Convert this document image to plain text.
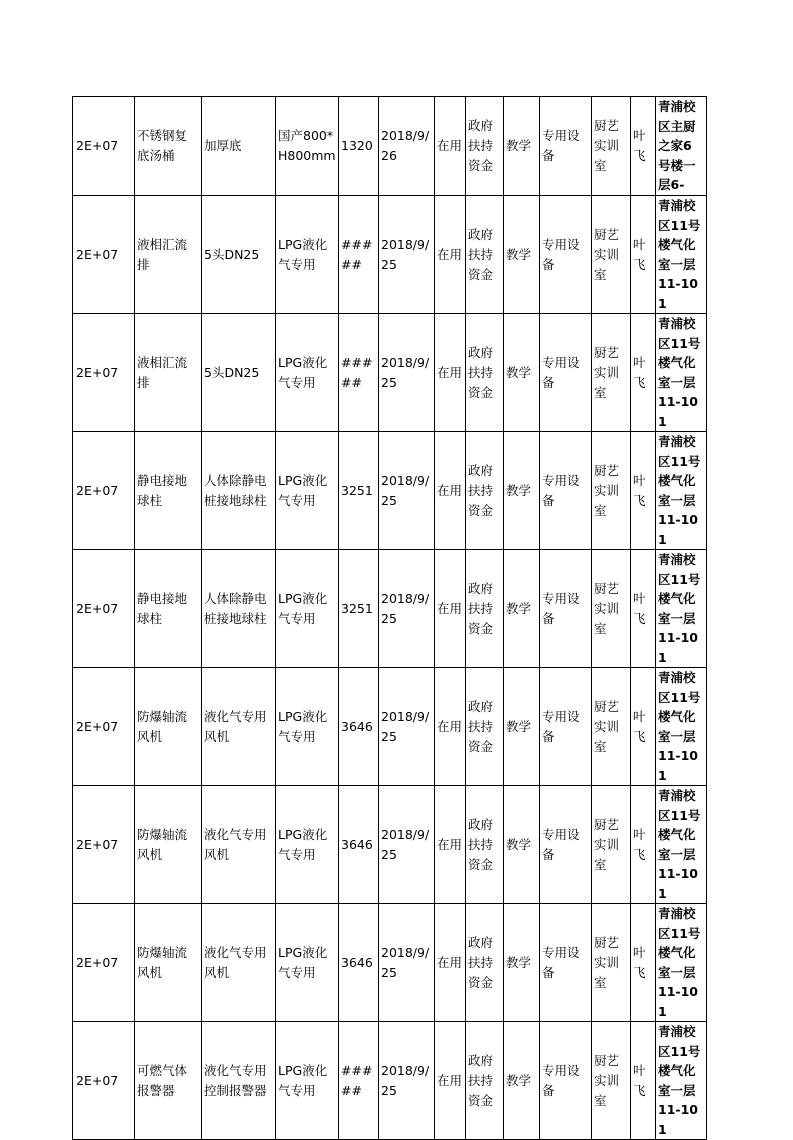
2E+07	不锈钢复底汤桶	加厚底	国产800*H800mm	1320	2018/9/26	在用	政府扶持资金	教学	专用设备	厨艺实训室	叶飞	青浦校区主厨之家6号楼一层6-
2E+07	液相汇流排	5头DN25	LPG液化气专用	#####	2018/9/25	在用	政府扶持资金	教学	专用设备	厨艺实训室	叶飞	青浦校区11号楼气化室一层11-101
2E+07	液相汇流排	5头DN25	LPG液化气专用	#####	2018/9/25	在用	政府扶持资金	教学	专用设备	厨艺实训室	叶飞	青浦校区11号楼气化室一层11-101
2E+07	静电接地球柱	人体除静电桩接地球柱	LPG液化气专用	3251	2018/9/25	在用	政府扶持资金	教学	专用设备	厨艺实训室	叶飞	青浦校区11号楼气化室一层11-101
2E+07	静电接地球柱	人体除静电桩接地球柱	LPG液化气专用	3251	2018/9/25	在用	政府扶持资金	教学	专用设备	厨艺实训室	叶飞	青浦校区11号楼气化室一层11-101
2E+07	防爆轴流风机	液化气专用风机	LPG液化气专用	3646	2018/9/25	在用	政府扶持资金	教学	专用设备	厨艺实训室	叶飞	青浦校区11号楼气化室一层11-101
2E+07	防爆轴流风机	液化气专用风机	LPG液化气专用	3646	2018/9/25	在用	政府扶持资金	教学	专用设备	厨艺实训室	叶飞	青浦校区11号楼气化室一层11-101
2E+07	防爆轴流风机	液化气专用风机	LPG液化气专用	3646	2018/9/25	在用	政府扶持资金	教学	专用设备	厨艺实训室	叶飞	青浦校区11号楼气化室一层11-101
2E+07	可燃气体报警器	液化气专用控制报警器	LPG液化气专用	#####	2018/9/25	在用	政府扶持资金	教学	专用设备	厨艺实训室	叶飞	青浦校区11号楼气化室一层11-101
